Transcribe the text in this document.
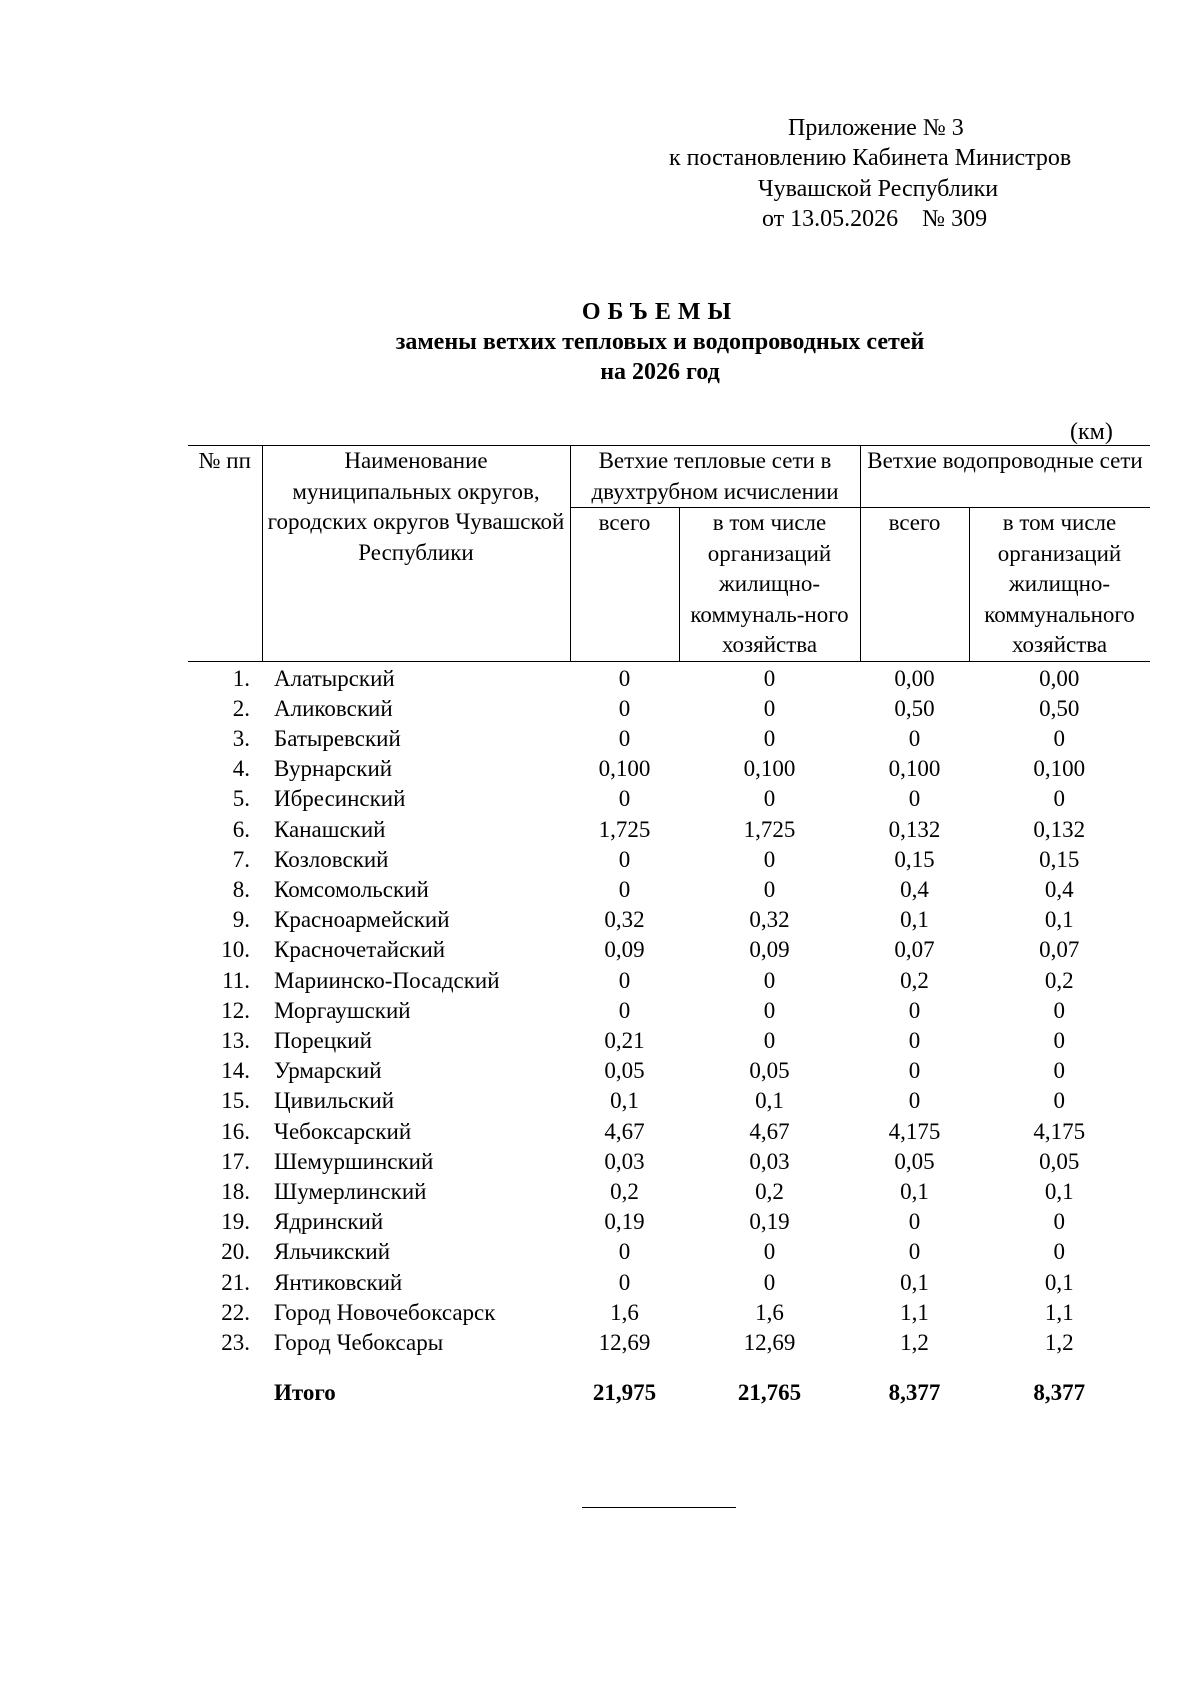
Приложение № 3
к постановлению Кабинета Министров
Чувашской Республики
от 13.05.2026    № 309
ОБЪЕМЫ
замены ветхих тепловых и водопроводных сетей
на 2026 год
(км)
№ пп	Наименование муниципальных округов, городских округов Чувашской Республики	Ветхие тепловые сети в двухтрубном исчислении		Ветхие водопроводные сети	
		всего	в том числе организаций жилищно-коммуналь-ного хозяйства	всего	в том числе организаций жилищно-коммунального хозяйства
1.	Алатырский	0	0	0,00	0,00
2.	Аликовский	0	0	0,50	0,50
3.	Батыревский	0	0	0	0
4.	Вурнарский	0,100	0,100	0,100	0,100
5.	Ибресинский	0	0	0	0
6.	Канашский	1,725	1,725	0,132	0,132
7.	Козловский	0	0	0,15	0,15
8.	Комсомольский	0	0	0,4	0,4
9.	Красноармейский	0,32	0,32	0,1	0,1
10.	Красночетайский	0,09	0,09	0,07	0,07
11.	Мариинско-Посадский	0	0	0,2	0,2
12.	Моргаушский	0	0	0	0
13.	Порецкий	0,21	0	0	0
14.	Урмарский	0,05	0,05	0	0
15.	Цивильский	0,1	0,1	0	0
16.	Чебоксарский	4,67	4,67	4,175	4,175
17.	Шемуршинский	0,03	0,03	0,05	0,05
18.	Шумерлинский	0,2	0,2	0,1	0,1
19.	Ядринский	0,19	0,19	0	0
20.	Яльчикский	0	0	0	0
21.	Янтиковский	0	0	0,1	0,1
22.	Город Новочебоксарск	1,6	1,6	1,1	1,1
23.	Город Чебоксары	12,69	12,69	1,2	1,2
	Итого	21,975	21,765	8,377	8,377
